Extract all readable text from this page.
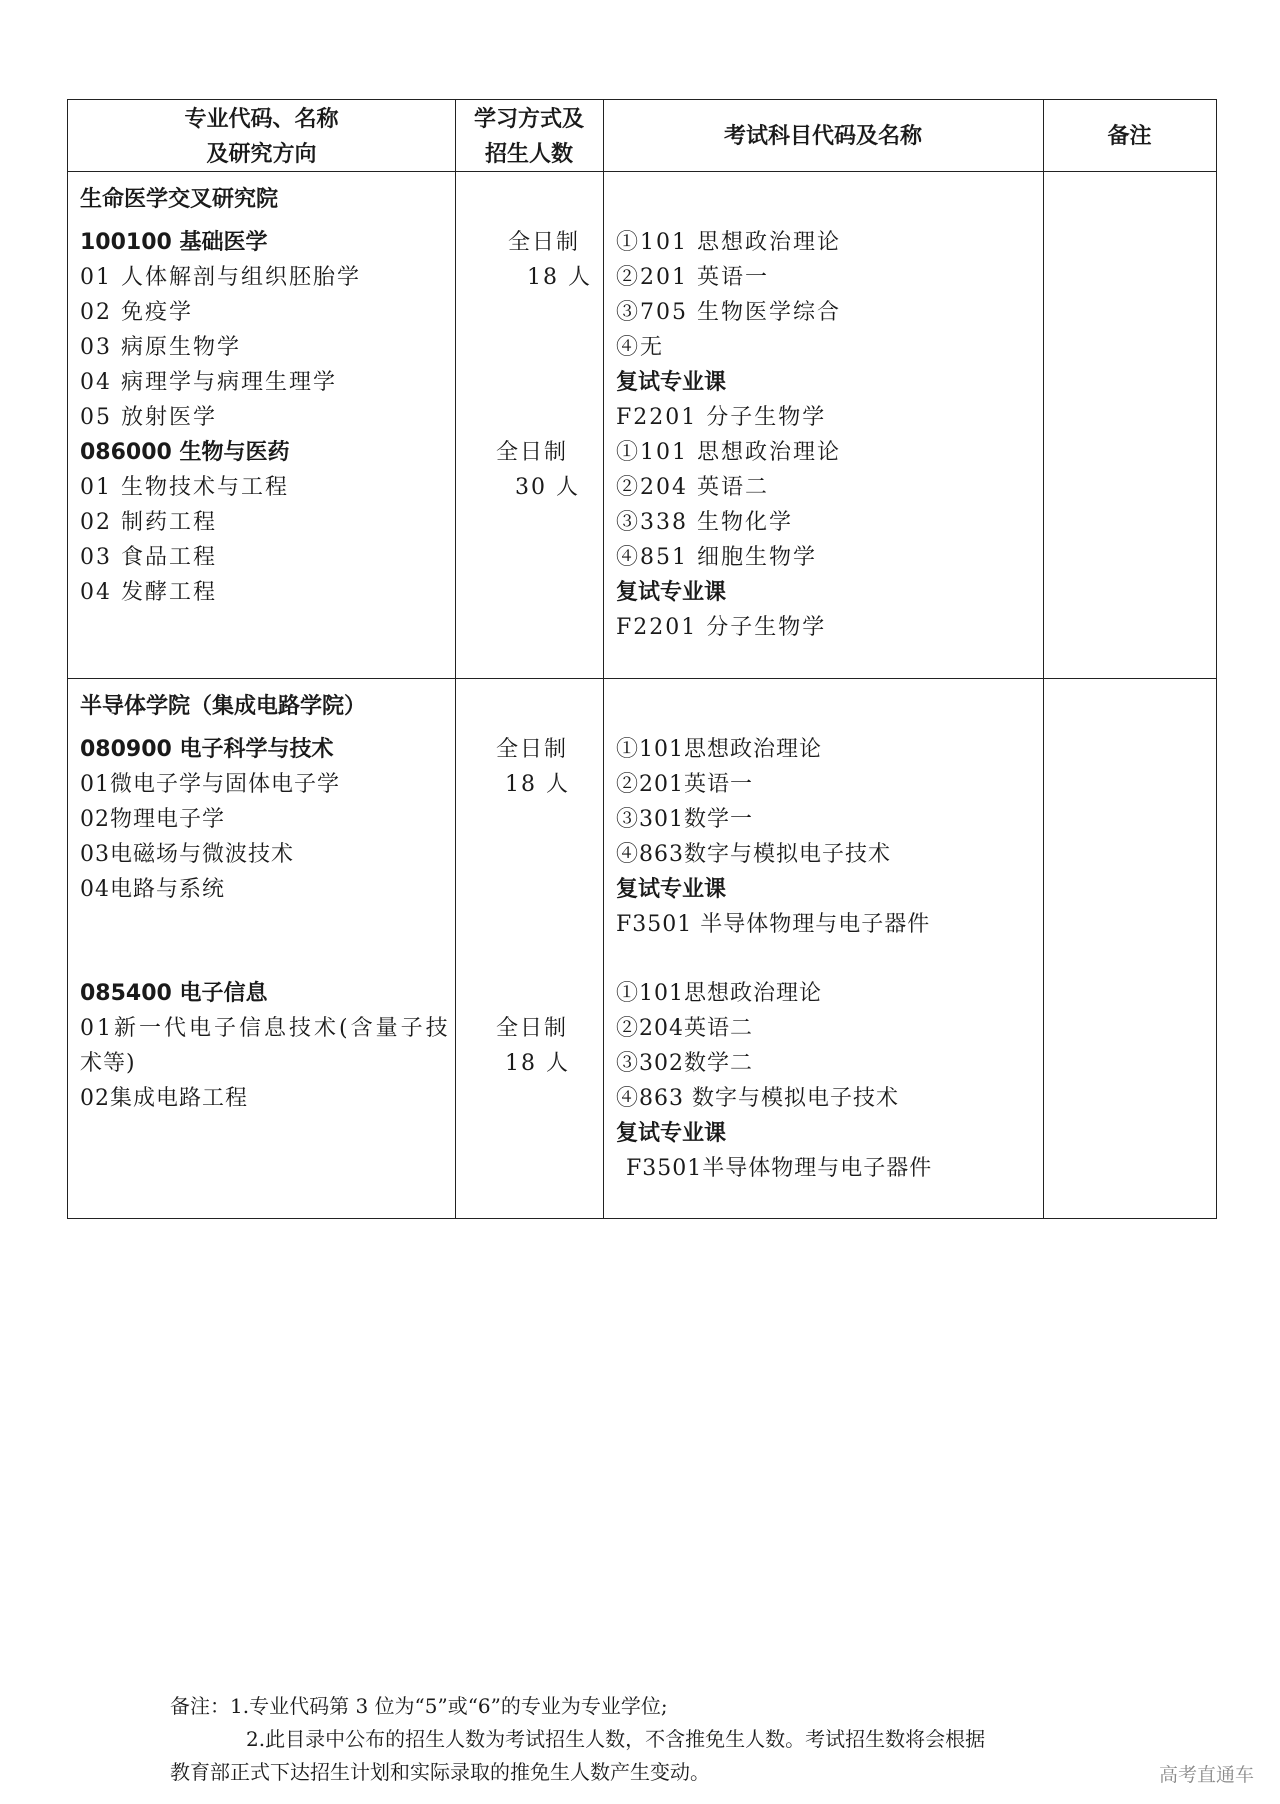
专业代码、名称
及研究方向
学习方式及
招生人数
考试科目代码及名称	备注
生命医学交叉研究院
100100 基础医学
01 人体解剖与组织胚胎学
02 免疫学
03 病原生物学
04 病理学与病理生理学
05 放射医学
全日制
18 人
①101 思想政治理论
②201 英语一
③705 生物医学综合
④无
复试专业课
F2201 分子生物学
086000 生物与医药
01 生物技术与工程
02 制药工程
03 食品工程
04 发酵工程
全日制
30 人
①101 思想政治理论
②204 英语二
③338 生物化学
④851 细胞生物学
复试专业课
F2201 分子生物学
半导体学院（集成电路学院）
080900 电子科学与技术
01微电子学与固体电子学
02物理电子学
03电磁场与微波技术
04电路与系统
全日制
18 人
①101思想政治理论
②201英语一
③301数学一
④863数字与模拟电子技术
复试专业课
F3501 半导体物理与电子器件
085400 电子信息
01新一代电子信息技术(含量子技
术等)
02集成电路工程
全日制
18 人
①101思想政治理论
②204英语二
③302数学二
④863 数字与模拟电子技术
复试专业课
F3501半导体物理与电子器件
备注：1.专业代码第 3 位为“5”或“6”的专业为专业学位;
2.此目录中公布的招生人数为考试招生人数，不含推免生人数。考试招生数将会根据
教育部正式下达招生计划和实际录取的推免生人数产生变动。	高考直通车
